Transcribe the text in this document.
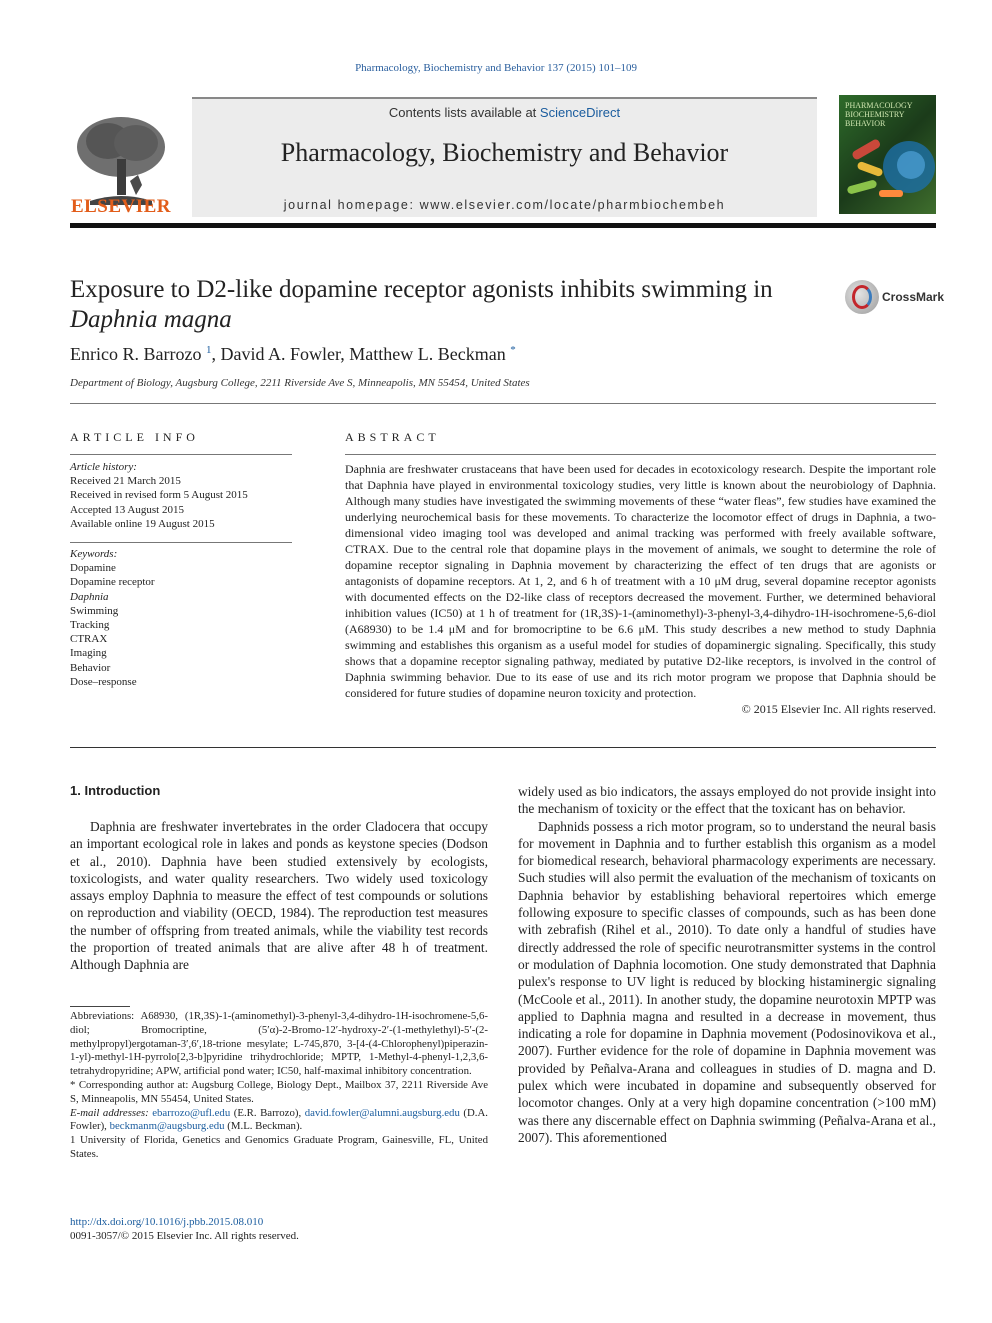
Pharmacology, Biochemistry and Behavior 137 (2015) 101–109
ELSEVIER
Contents lists available at ScienceDirect
Pharmacology, Biochemistry and Behavior
journal homepage: www.elsevier.com/locate/pharmbiochembeh
PHARMACOLOGY BIOCHEMISTRY BEHAVIOR
Exposure to D2-like dopamine receptor agonists inhibits swimming in
Daphnia magna
CrossMark
Enrico R. Barrozo $^1$, David A. Fowler, Matthew L. Beckman *
Department of Biology, Augsburg College, 2211 Riverside Ave S, Minneapolis, MN 55454, United States
ARTICLE INFO
Article history:
Received 21 March 2015
Received in revised form 5 August 2015
Accepted 13 August 2015
Available online 19 August 2015
Keywords:
Dopamine
Dopamine receptor
Daphnia
Swimming
Tracking
CTRAX
Imaging
Behavior
Dose–response
ABSTRACT
Daphnia are freshwater crustaceans that have been used for decades in ecotoxicology research. Despite the important role that Daphnia have played in environmental toxicology studies, very little is known about the neurobiology of Daphnia. Although many studies have investigated the swimming movements of these “water fleas”, few studies have examined the underlying neurochemical basis for these movements. To characterize the locomotor effect of drugs in Daphnia, a two-dimensional video imaging tool was developed and animal tracking was performed with freely available software, CTRAX. Due to the central role that dopamine plays in the movement of animals, we sought to determine the role of dopamine receptor signaling in Daphnia movement by characterizing the effect of ten drugs that are agonists or antagonists of dopamine receptors. At 1, 2, and 6 h of treatment with a 10 μM drug, several dopamine receptor agonists with documented effects on the D2-like class of receptors decreased the movement. Further, we determined behavioral inhibition values (IC50) at 1 h of treatment for (1R,3S)-1-(aminomethyl)-3-phenyl-3,4-dihydro-1H-isochromene-5,6-diol (A68930) to be 1.4 μM and for bromocriptine to be 6.6 μM. This study describes a new method to study Daphnia swimming and establishes this organism as a useful model for studies of dopaminergic signaling. Specifically, this study shows that a dopamine receptor signaling pathway, mediated by putative D2-like receptors, is involved in the control of Daphnia swimming behavior. Due to its ease of use and its rich motor program we propose that Daphnia should be considered for future studies of dopamine neuron toxicity and protection.
© 2015 Elsevier Inc. All rights reserved.
1. Introduction

Daphnia are freshwater invertebrates in the order Cladocera that occupy an important ecological role in lakes and ponds as keystone species (Dodson et al., 2010). Daphnia have been studied extensively by ecologists, toxicologists, and water quality researchers. Two widely used toxicology assays employ Daphnia to measure the effect of test compounds or solutions on reproduction and viability (OECD, 1984). The reproduction test measures the number of offspring from treated animals, while the viability test records the proportion of treated animals that are alive after 48 h of treatment. Although Daphnia are

widely used as bio indicators, the assays employed do not provide insight into the mechanism of toxicity or the effect that the toxicant has on behavior.

Daphnids possess a rich motor program, so to understand the neural basis for movement in Daphnia and to further establish this organism as a model for biomedical research, behavioral pharmacology experiments are necessary. Such studies will also permit the evaluation of the mechanism of toxicants on Daphnia behavior by establishing behavioral repertoires which emerge following exposure to specific classes of compounds, such as has been done with zebrafish (Rihel et al., 2010). To date only a handful of studies have directly addressed the role of specific neurotransmitter systems in the control or modulation of Daphnia locomotion. One study demonstrated that Daphnia pulex's response to UV light is reduced by blocking histaminergic signaling (McCoole et al., 2011). In another study, the dopamine neurotoxin MPTP was applied to Daphnia magna and resulted in a decrease in movement, thus indicating a role for dopamine in Daphnia movement (Podosinovikova et al., 2007). Further evidence for the role of dopamine in Daphnia movement was provided by Peñalva-Arana and colleagues in studies of D. magna and D. pulex which were incubated in dopamine and subsequently observed for locomotor changes. Only at a very high dopamine concentration (>100 mM) was there any discernable effect on Daphnia swimming (Peñalva-Arana et al., 2007). This aforementioned

Abbreviations: A68930, (1R,3S)-1-(aminomethyl)-3-phenyl-3,4-dihydro-1H-isochromene-5,6-diol; Bromocriptine, (5′α)-2-Bromo-12′-hydroxy-2′-(1-methylethyl)-5′-(2-methylpropyl)ergotaman-3′,6′,18-trione mesylate; L-745,870, 3-[4-(4-Chlorophenyl)piperazin-1-yl)-methyl-1H-pyrrolo[2,3-b]pyridine trihydrochloride; MPTP, 1-Methyl-4-phenyl-1,2,3,6-tetrahydropyridine; APW, artificial pond water; IC50, half-maximal inhibitory concentration.

* Corresponding author at: Augsburg College, Biology Dept., Mailbox 37, 2211 Riverside Ave S, Minneapolis, MN 55454, United States.

E-mail addresses: ebarrozo@ufl.edu (E.R. Barrozo), david.fowler@alumni.augsburg.edu (D.A. Fowler), beckmanm@augsburg.edu (M.L. Beckman).

1 University of Florida, Genetics and Genomics Graduate Program, Gainesville, FL, United States.

http://dx.doi.org/10.1016/j.pbb.2015.08.010
0091-3057/© 2015 Elsevier Inc. All rights reserved.
